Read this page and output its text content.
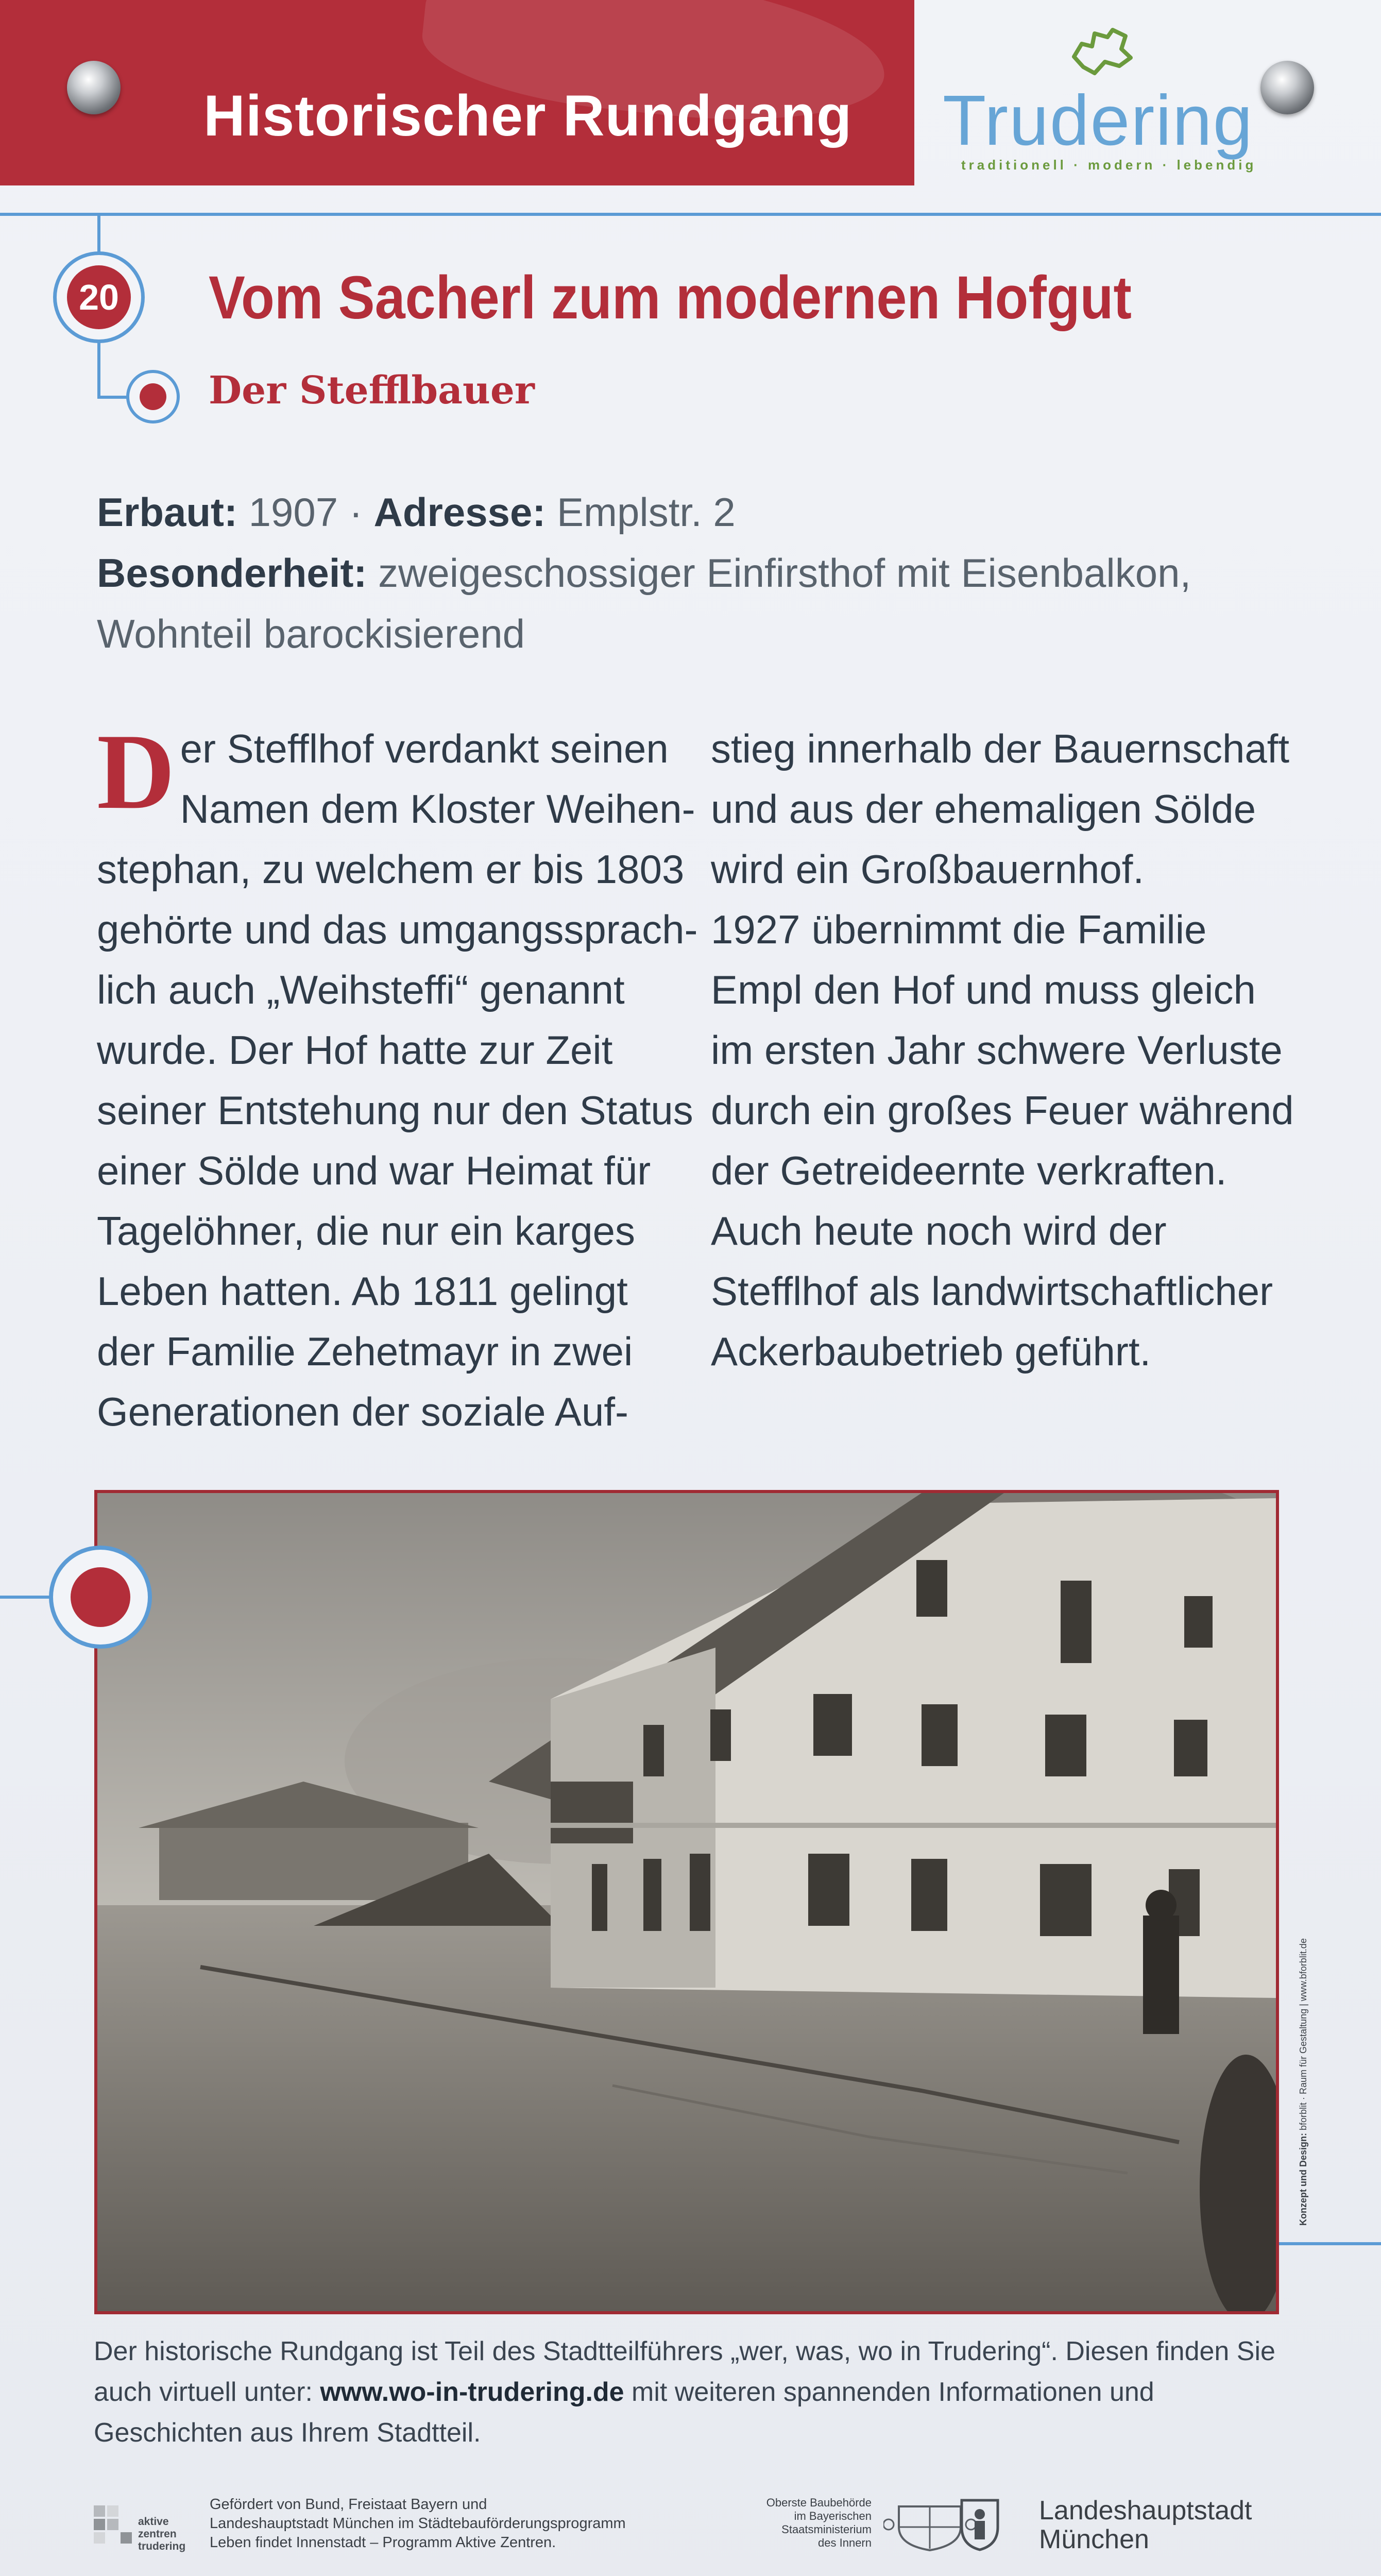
Historischer Rundgang Trudering
traditionell · modern · lebendig
20 Vom Sacherl zum modernen Hofgut
Der Stefflbauer
Erbaut: 1907 · Adresse: Emplstr. 2
Besonderheit: zweigeschossiger Einfirsthof mit Eisenbalkon, Wohnteil barockisierend
D er Stefflhof verdankt seinen

Namen dem Kloster Weihen-

stephan, zu welchem er bis 1803

gehörte und das umgangssprach-

lich auch „Weihsteffi“ genannt

wurde. Der Hof hatte zur Zeit

seiner Entstehung nur den Status

einer Sölde und war Heimat für

Tagelöhner, die nur ein karges

Leben hatten. Ab 1811 gelingt

der Familie Zehetmayr in zwei

Generationen der soziale Auf-

stieg innerhalb der Bauernschaft

und aus der ehemaligen Sölde

wird ein Großbauernhof.

1927 übernimmt die Familie

Empl den Hof und muss gleich

im ersten Jahr schwere Verluste

durch ein großes Feuer während

der Getreideernte verkraften.

Auch heute noch wird der

Stefflhof als landwirtschaftlicher

Ackerbaubetrieb geführt.

Konzept und Design: bforblit · Raum für Gestaltung | www.bforblit.de
Der historische Rundgang ist Teil des Stadtteilführers „wer, was, wo in Trudering“. Diesen finden Sie auch virtuell unter: www.wo-in-trudering.de mit weiteren spannenden Informationen und Geschichten aus Ihrem Stadtteil.
aktive
zentren
trudering
Gefördert von Bund, Freistaat Bayern und
Landeshauptstadt München im Städtebauförderungsprogramm
Leben findet Innenstadt – Programm Aktive Zentren.
Oberste Baubehörde
im Bayerischen
Staatsministerium
des Innern
Landeshauptstadt
München
